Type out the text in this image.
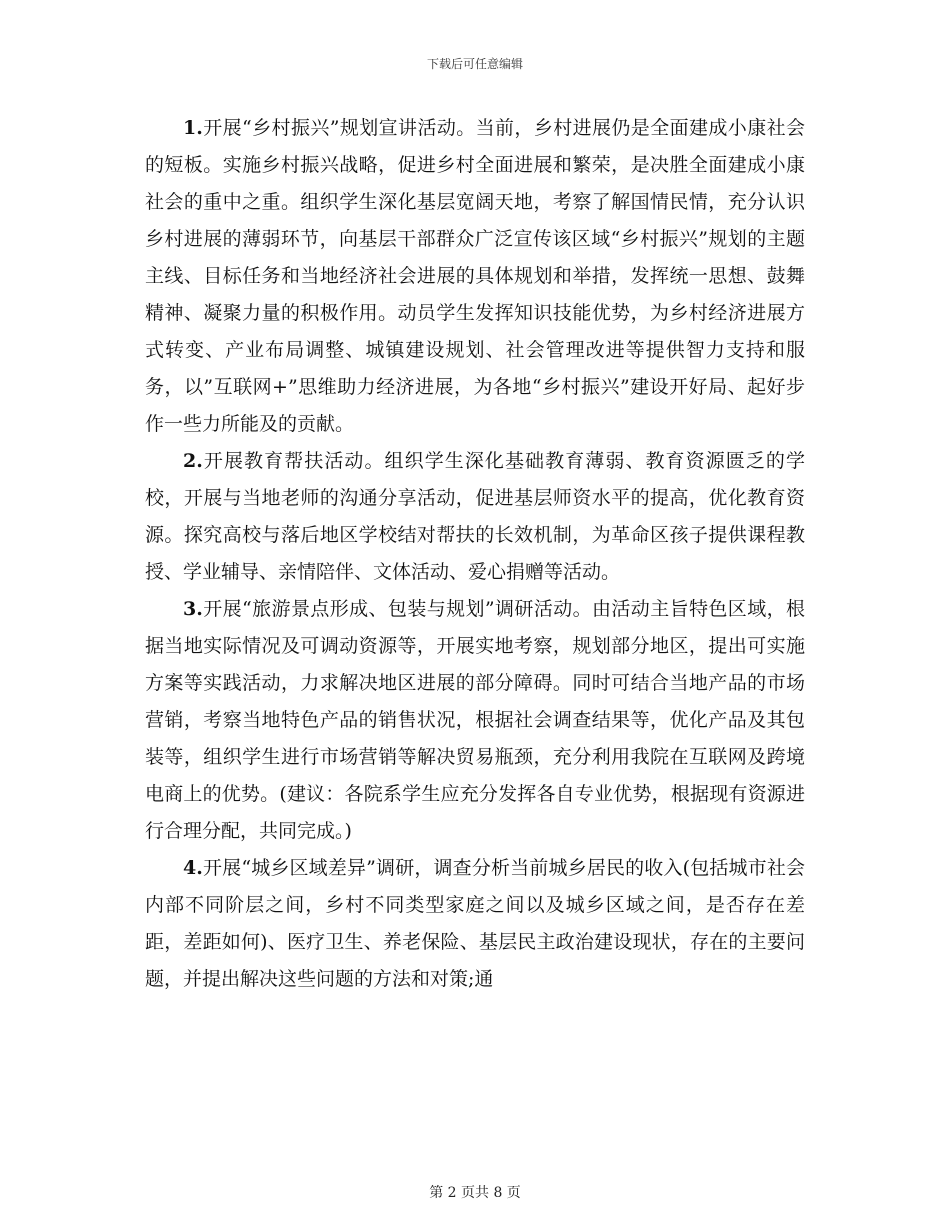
下载后可任意编辑

1.开展“乡村振兴”规划宣讲活动。当前，乡村进展仍是全面建成小康社会的短板。实施乡村振兴战略，促进乡村全面进展和繁荣，是决胜全面建成小康社会的重中之重。组织学生深化基层宽阔天地，考察了解国情民情，充分认识乡村进展的薄弱环节，向基层干部群众广泛宣传该区域“乡村振兴”规划的主题主线、目标任务和当地经济社会进展的具体规划和举措，发挥统一思想、鼓舞精神、凝聚力量的积极作用。动员学生发挥知识技能优势，为乡村经济进展方式转变、产业布局调整、城镇建设规划、社会管理改进等提供智力支持和服务，以”互联网+”思维助力经济进展，为各地“乡村振兴”建设开好局、起好步作一些力所能及的贡献。

2.开展教育帮扶活动。组织学生深化基础教育薄弱、教育资源匮乏的学校，开展与当地老师的沟通分享活动，促进基层师资水平的提高，优化教育资源。探究高校与落后地区学校结对帮扶的长效机制，为革命区孩子提供课程教授、学业辅导、亲情陪伴、文体活动、爱心捐赠等活动。

3.开展“旅游景点形成、包装与规划”调研活动。由活动主旨特色区域，根据当地实际情况及可调动资源等，开展实地考察，规划部分地区，提出可实施方案等实践活动，力求解决地区进展的部分障碍。同时可结合当地产品的市场营销，考察当地特色产品的销售状况，根据社会调查结果等，优化产品及其包装等，组织学生进行市场营销等解决贸易瓶颈，充分利用我院在互联网及跨境电商上的优势。(建议：各院系学生应充分发挥各自专业优势，根据现有资源进行合理分配，共同完成。)

4.开展“城乡区域差异”调研，调查分析当前城乡居民的收入(包括城市社会内部不同阶层之间，乡村不同类型家庭之间以及城乡区域之间，是否存在差距，差距如何)、医疗卫生、养老保险、基层民主政治建设现状，存在的主要问题，并提出解决这些问题的方法和对策;通

第 2 页共 8 页
